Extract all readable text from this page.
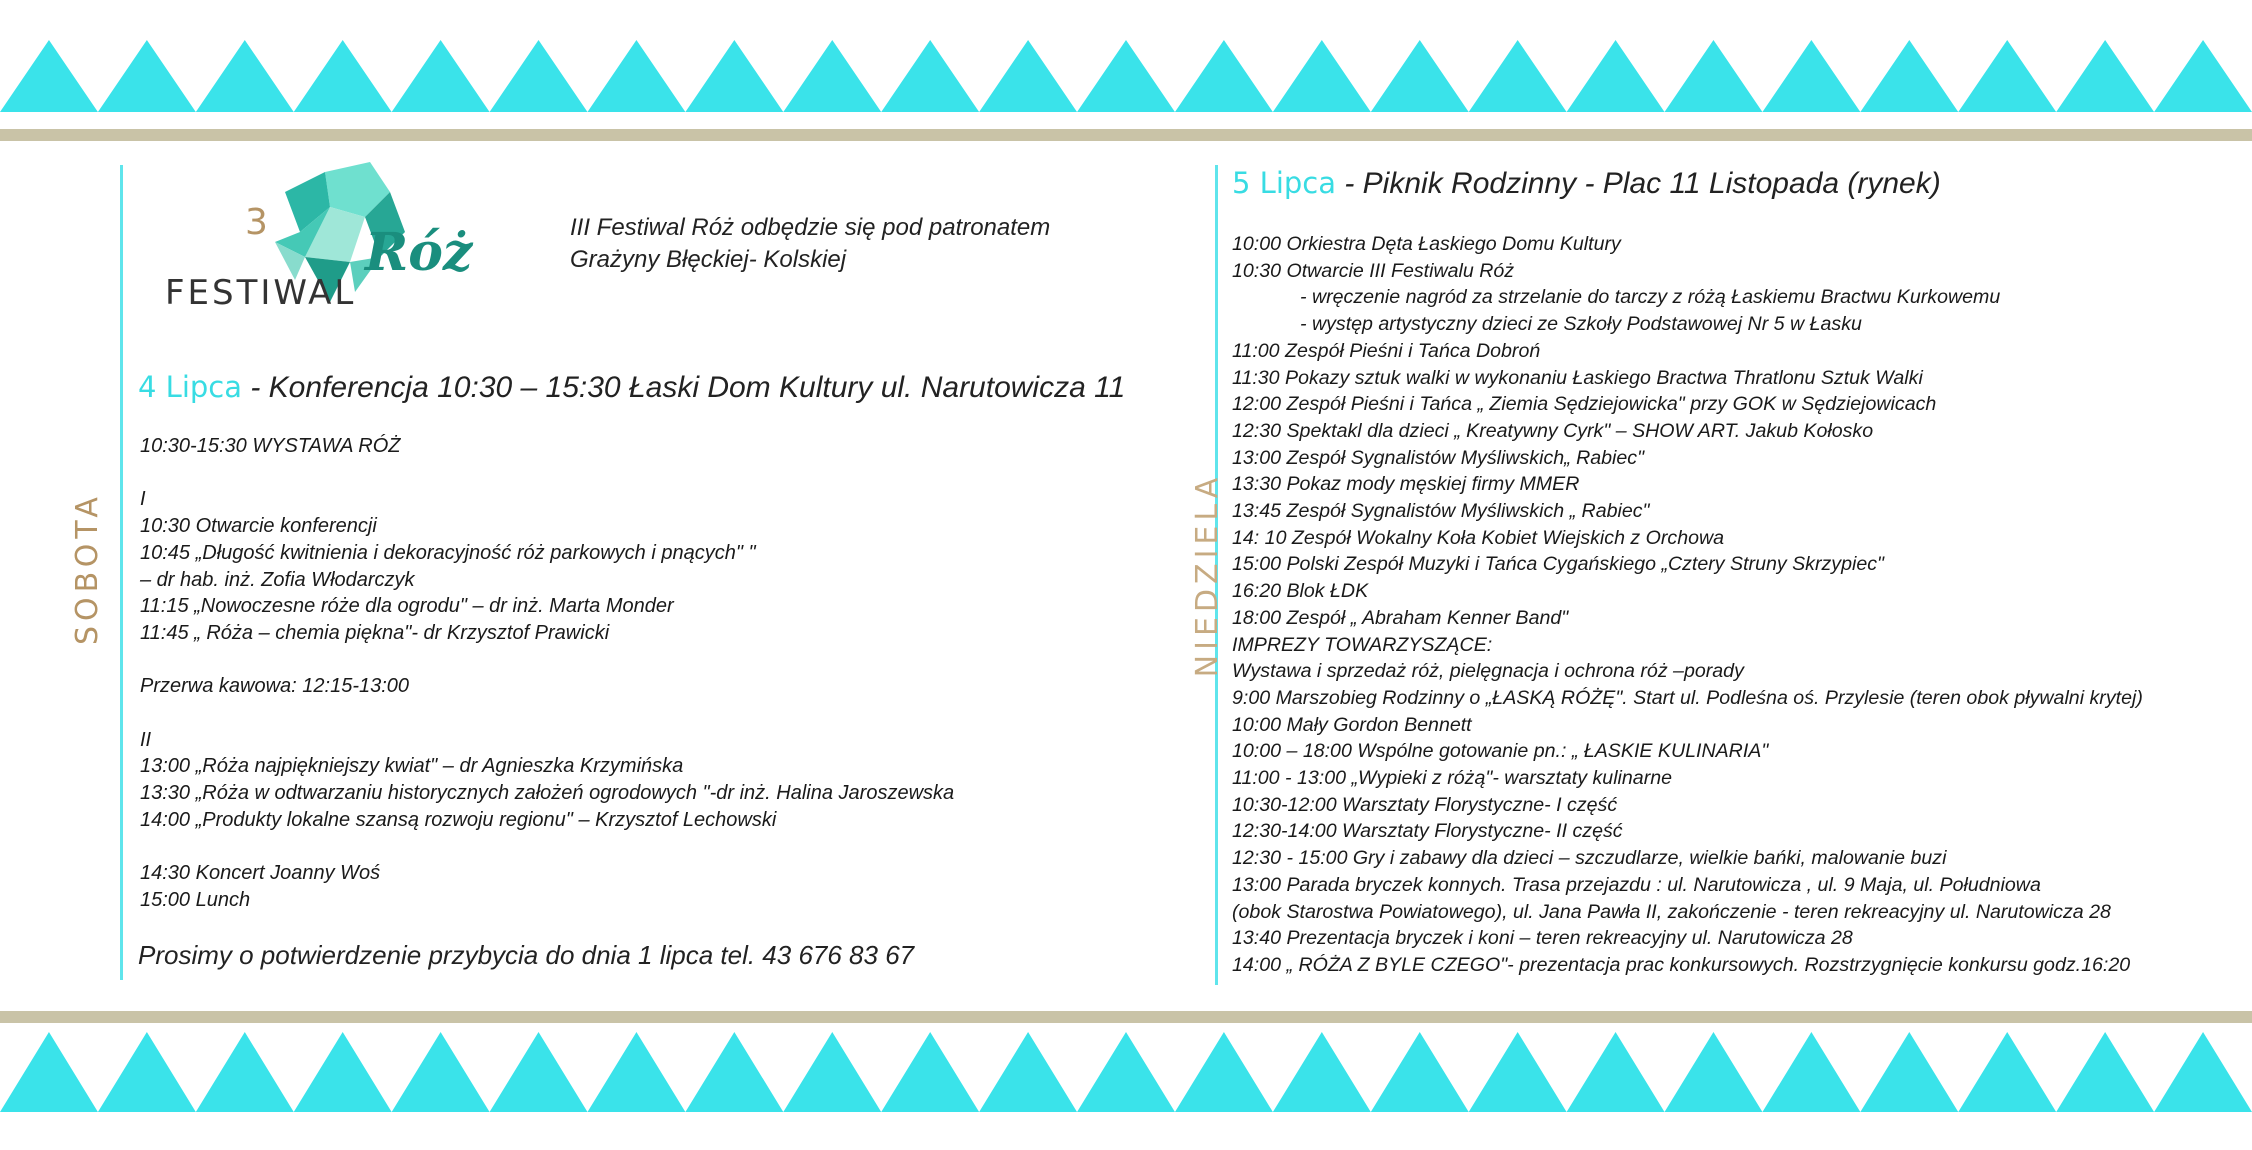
SOBOTA	NIEDZIELA
3
FESTIWAL
Róż	III Festiwal Róż odbędzie się pod patronatem
Grażyny Błęckiej- Kolskiej
4 Lipca - Konferencja 10:30 – 15:30 Łaski Dom Kultury ul. Narutowicza 11
10:30-15:30 WYSTAWA RÓŻ
I
10:30 Otwarcie konferencji
10:45 „Długość kwitnienia i dekoracyjność róż parkowych i pnących" "
– dr hab. inż. Zofia Włodarczyk
11:15 „Nowoczesne róże dla ogrodu" – dr inż. Marta Monder
11:45 „ Róża – chemia piękna"- dr Krzysztof Prawicki
Przerwa kawowa: 12:15-13:00
II
13:00 „Róża najpiękniejszy kwiat" – dr Agnieszka Krzymińska
13:30 „Róża w odtwarzaniu historycznych założeń ogrodowych "-dr inż. Halina Jaroszewska
14:00 „Produkty lokalne szansą rozwoju regionu" – Krzysztof Lechowski
14:30 Koncert Joanny Woś
15:00 Lunch
Prosimy o potwierdzenie przybycia do dnia 1 lipca tel. 43 676 83 67
5 Lipca - Piknik Rodzinny - Plac 11 Listopada (rynek)
10:00 Orkiestra Dęta Łaskiego Domu Kultury
10:30 Otwarcie III Festiwalu Róż
- wręczenie nagród za strzelanie do tarczy z różą Łaskiemu Bractwu Kurkowemu
- występ artystyczny dzieci ze Szkoły Podstawowej Nr 5 w Łasku
11:00 Zespół Pieśni i Tańca Dobroń
11:30 Pokazy sztuk walki w wykonaniu Łaskiego Bractwa Thratlonu Sztuk Walki
12:00 Zespół Pieśni i Tańca „ Ziemia Sędziejowicka" przy GOK w Sędziejowicach
12:30 Spektakl dla dzieci „ Kreatywny Cyrk" – SHOW ART. Jakub Kołosko
13:00 Zespół Sygnalistów Myśliwskich„ Rabiec"
13:30 Pokaz mody męskiej firmy MMER
13:45 Zespół Sygnalistów Myśliwskich „ Rabiec"
14: 10 Zespół Wokalny Koła Kobiet Wiejskich z Orchowa
15:00 Polski Zespół Muzyki i Tańca Cygańskiego „Cztery Struny Skrzypiec"
16:20 Blok ŁDK
18:00 Zespół „ Abraham Kenner Band"
IMPREZY TOWARZYSZĄCE:
Wystawa i sprzedaż róż, pielęgnacja i ochrona róż –porady
9:00 Marszobieg Rodzinny o „ŁASKĄ RÓŻĘ". Start ul. Podleśna oś. Przylesie (teren obok pływalni krytej)
10:00 Mały Gordon Bennett
10:00 – 18:00 Wspólne gotowanie pn.: „ ŁASKIE KULINARIA"
11:00 - 13:00 „Wypieki z różą"- warsztaty kulinarne
10:30-12:00 Warsztaty Florystyczne- I część
12:30-14:00 Warsztaty Florystyczne- II część
12:30 - 15:00 Gry i zabawy dla dzieci – szczudlarze, wielkie bańki, malowanie buzi
13:00 Parada bryczek konnych. Trasa przejazdu : ul. Narutowicza , ul. 9 Maja, ul. Południowa
(obok Starostwa Powiatowego), ul. Jana Pawła II, zakończenie - teren rekreacyjny ul. Narutowicza 28
13:40 Prezentacja bryczek i koni – teren rekreacyjny ul. Narutowicza 28
14:00 „ RÓŻA Z BYLE CZEGO"- prezentacja prac konkursowych. Rozstrzygnięcie konkursu godz.16:20
